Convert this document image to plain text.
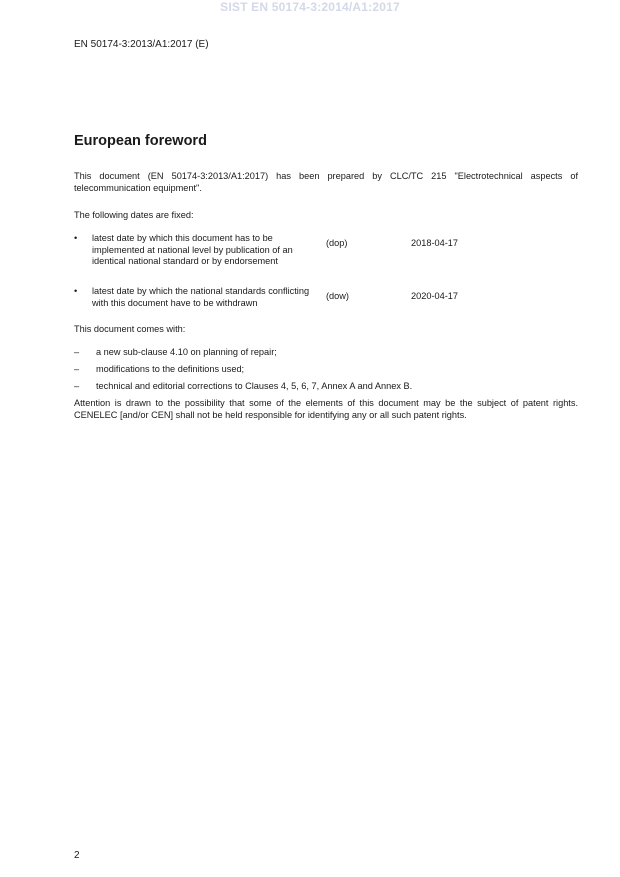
SIST EN 50174-3:2014/A1:2017
EN 50174-3:2013/A1:2017 (E)
European foreword

This document (EN 50174-3:2013/A1:2017) has been prepared by CLC/TC 215 "Electrotechnical aspects of telecommunication equipment".

The following dates are fixed:

• latest date by which this document has to be implemented at national level by publication of an identical national standard or by endorsement
(dop)	2018-04-17
• latest date by which the national standards conflicting with this document have to be withdrawn
(dow)	2020-04-17

This document comes with:

– a new sub-clause 4.10 on planning of repair;
– modifications to the definitions used;
– technical and editorial corrections to Clauses 4, 5, 6, 7, Annex A and Annex B.

Attention is drawn to the possibility that some of the elements of this document may be the subject of patent rights. CENELEC [and/or CEN] shall not be held responsible for identifying any or all such patent rights.

2
